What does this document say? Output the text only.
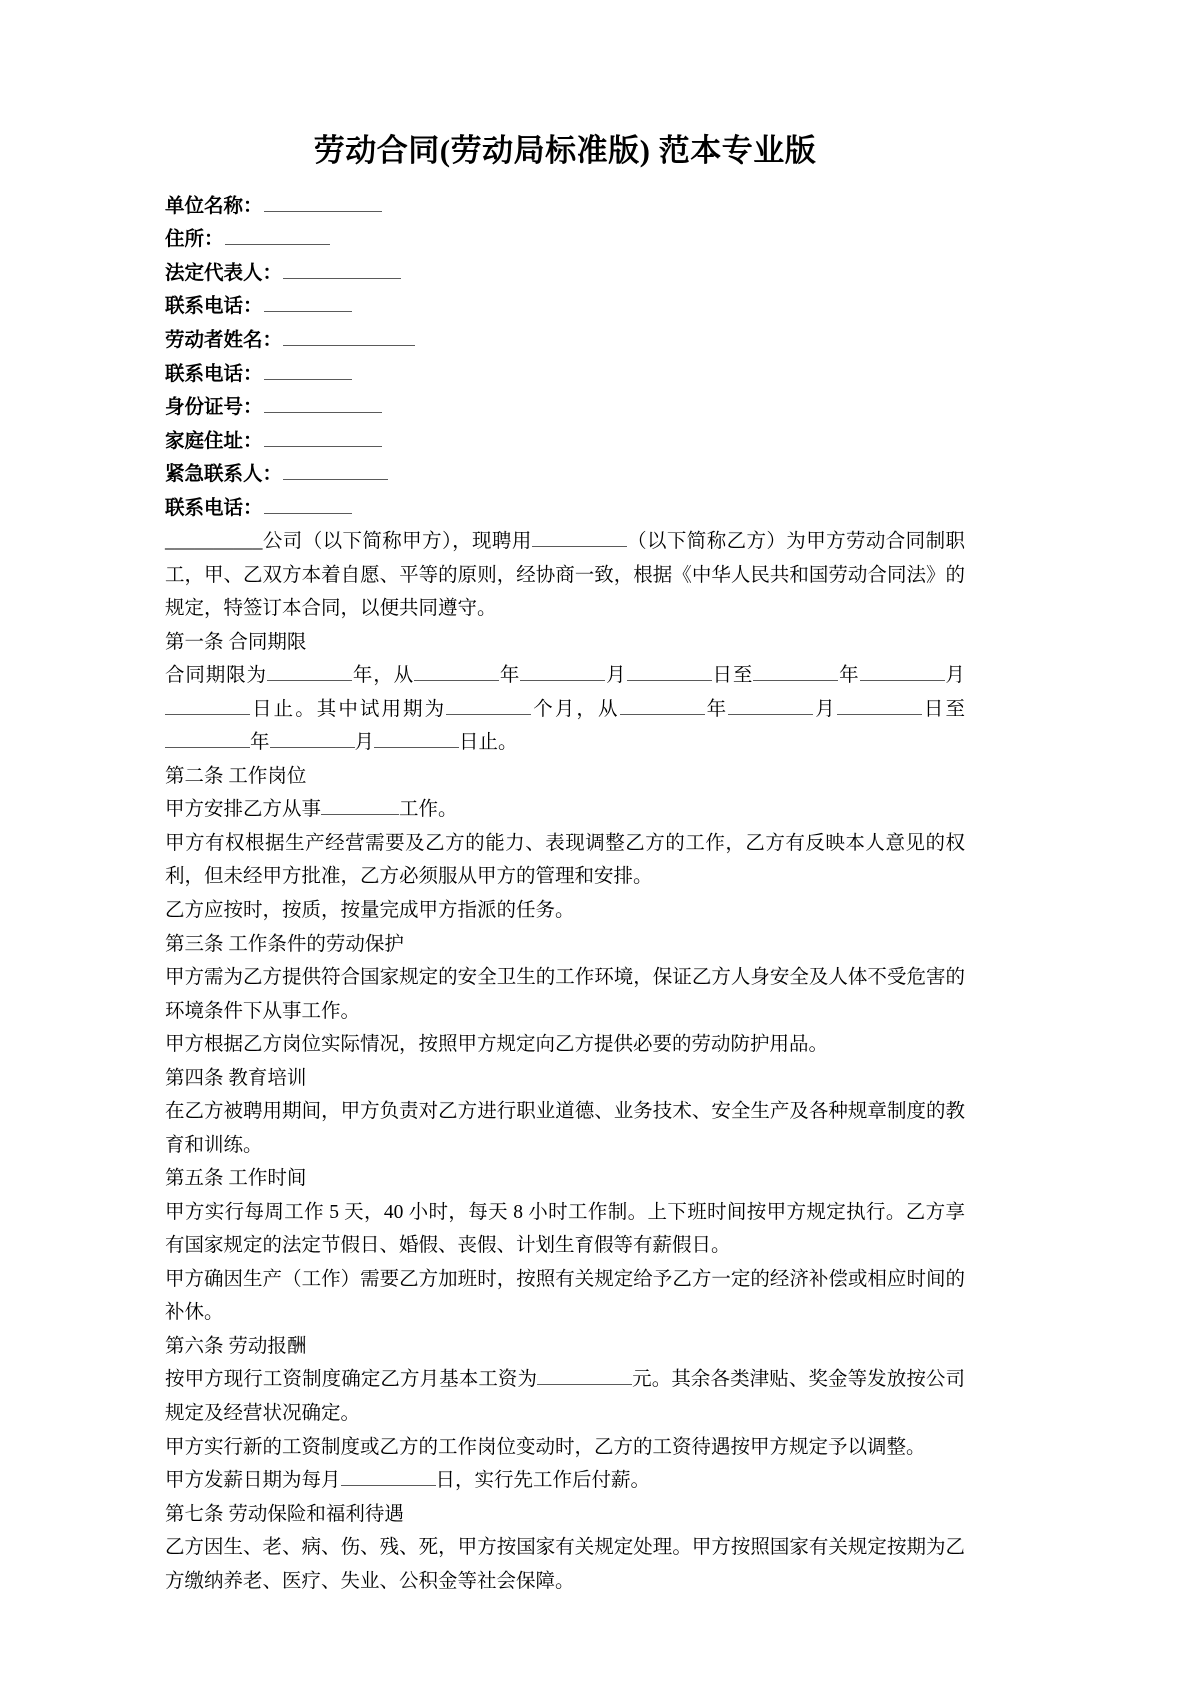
劳动合同(劳动局标准版) 范本专业版
单位名称：
住所：
法定代表人：
联系电话：
劳动者姓名：
联系电话：
身份证号：
家庭住址：
紧急联系人：
联系电话：

__________公司（以下简称甲方），现聘用	（以下简称乙方）为甲方劳动合同制职工，甲、乙双方本着自愿、平等的原则，经协商一致，根据《中华人民共和国劳动合同法》的规定，特签订本合同，以便共同遵守。

第一条 合同期限

合同期限为	年，从	年	月	日至	年	月日止。其中试用期为	个月，从	年	月	日至年	月	日止。

第二条 工作岗位

甲方安排乙方从事	工作。

甲方有权根据生产经营需要及乙方的能力、表现调整乙方的工作，乙方有反映本人意见的权利，但未经甲方批准，乙方必须服从甲方的管理和安排。

乙方应按时，按质，按量完成甲方指派的任务。

第三条 工作条件的劳动保护

甲方需为乙方提供符合国家规定的安全卫生的工作环境，保证乙方人身安全及人体不受危害的环境条件下从事工作。

甲方根据乙方岗位实际情况，按照甲方规定向乙方提供必要的劳动防护用品。

第四条 教育培训

在乙方被聘用期间，甲方负责对乙方进行职业道德、业务技术、安全生产及各种规章制度的教育和训练。

第五条 工作时间

甲方实行每周工作 5 天，40 小时，每天 8 小时工作制。上下班时间按甲方规定执行。乙方享有国家规定的法定节假日、婚假、丧假、计划生育假等有薪假日。

甲方确因生产（工作）需要乙方加班时，按照有关规定给予乙方一定的经济补偿或相应时间的补休。

第六条 劳动报酬

按甲方现行工资制度确定乙方月基本工资为	元。其余各类津贴、奖金等发放按公司规定及经营状况确定。

甲方实行新的工资制度或乙方的工作岗位变动时，乙方的工资待遇按甲方规定予以调整。

甲方发薪日期为每月	日，实行先工作后付薪。

第七条 劳动保险和福利待遇

乙方因生、老、病、伤、残、死，甲方按国家有关规定处理。甲方按照国家有关规定按期为乙方缴纳养老、医疗、失业、公积金等社会保障。
